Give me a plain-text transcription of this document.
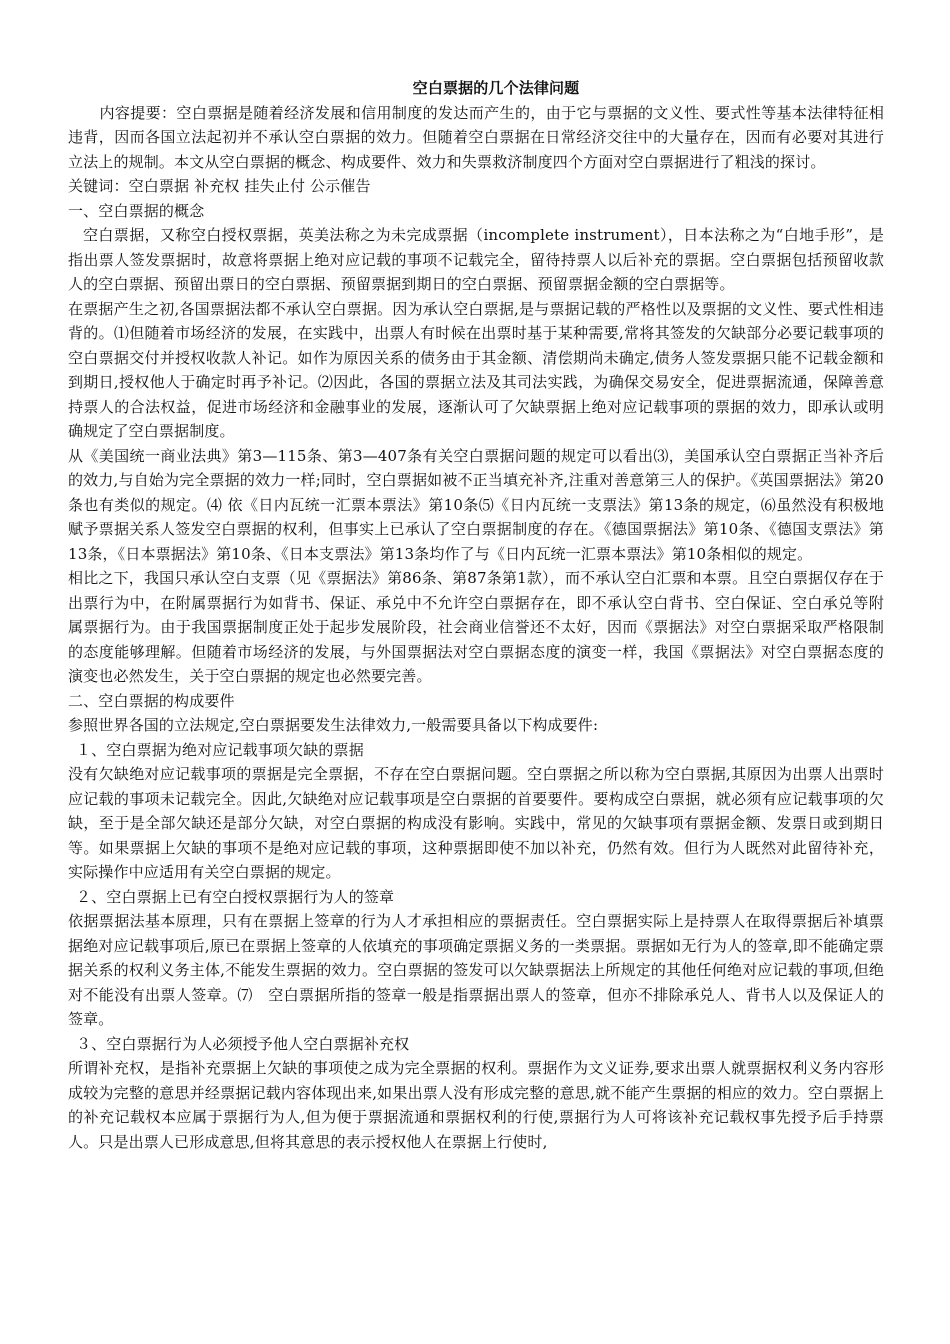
空白票据的几个法律问题

内容提要：空白票据是随着经济发展和信用制度的发达而产生的，由于它与票据的文义性、要式性等基本法律特征相违背，因而各国立法起初并不承认空白票据的效力。但随着空白票据在日常经济交往中的大量存在，因而有必要对其进行立法上的规制。本文从空白票据的概念、构成要件、效力和失票救济制度四个方面对空白票据进行了粗浅的探讨。

关键词：空白票据 补充权 挂失止付 公示催告

一、空白票据的概念

空白票据，又称空白授权票据，英美法称之为未完成票据（incomplete instrument），日本法称之为“白地手形”，是指出票人签发票据时，故意将票据上绝对应记载的事项不记载完全，留待持票人以后补充的票据。空白票据包括预留收款人的空白票据、预留出票日的空白票据、预留票据到期日的空白票据、预留票据金额的空白票据等。

在票据产生之初,各国票据法都不承认空白票据。因为承认空白票据,是与票据记载的严格性以及票据的文义性、要式性相违背的。⑴但随着市场经济的发展，在实践中，出票人有时候在出票时基于某种需要,常将其签发的欠缺部分必要记载事项的空白票据交付并授权收款人补记。如作为原因关系的债务由于其金额、清偿期尚未确定,债务人签发票据只能不记载金额和到期日,授权他人于确定时再予补记。⑵因此，各国的票据立法及其司法实践，为确保交易安全，促进票据流通，保障善意持票人的合法权益，促进市场经济和金融事业的发展，逐渐认可了欠缺票据上绝对应记载事项的票据的效力，即承认或明确规定了空白票据制度。

从《美国统一商业法典》第3—115条、第3—407条有关空白票据问题的规定可以看出⑶，美国承认空白票据正当补齐后的效力,与自始为完全票据的效力一样;同时，空白票据如被不正当填充补齐,注重对善意第三人的保护。《英国票据法》第20条也有类似的规定。⑷ 依《日内瓦统一汇票本票法》第10条⑸《日内瓦统一支票法》第13条的规定，⑹虽然没有积极地赋予票据关系人签发空白票据的权利，但事实上已承认了空白票据制度的存在。《德国票据法》第10条、《德国支票法》第13条，《日本票据法》第10条、《日本支票法》第13条均作了与《日内瓦统一汇票本票法》第10条相似的规定。

相比之下，我国只承认空白支票（见《票据法》第86条、第87条第1款），而不承认空白汇票和本票。且空白票据仅存在于出票行为中，在附属票据行为如背书、保证、承兑中不允许空白票据存在，即不承认空白背书、空白保证、空白承兑等附属票据行为。由于我国票据制度正处于起步发展阶段，社会商业信誉还不太好，因而《票据法》对空白票据采取严格限制的态度能够理解。但随着市场经济的发展，与外国票据法对空白票据态度的演变一样，我国《票据法》对空白票据态度的演变也必然发生，关于空白票据的规定也必然要完善。

二、空白票据的构成要件

参照世界各国的立法规定,空白票据要发生法律效力,一般需要具备以下构成要件:

１、空白票据为绝对应记载事项欠缺的票据

没有欠缺绝对应记载事项的票据是完全票据，不存在空白票据问题。空白票据之所以称为空白票据,其原因为出票人出票时应记载的事项未记载完全。因此,欠缺绝对应记载事项是空白票据的首要要件。要构成空白票据，就必须有应记载事项的欠缺，至于是全部欠缺还是部分欠缺，对空白票据的构成没有影响。实践中，常见的欠缺事项有票据金额、发票日或到期日等。如果票据上欠缺的事项不是绝对应记载的事项，这种票据即使不加以补充，仍然有效。但行为人既然对此留待补充，实际操作中应适用有关空白票据的规定。

２、空白票据上已有空白授权票据行为人的签章

依据票据法基本原理，只有在票据上签章的行为人才承担相应的票据责任。空白票据实际上是持票人在取得票据后补填票据绝对应记载事项后,原已在票据上签章的人依填充的事项确定票据义务的一类票据。票据如无行为人的签章,即不能确定票据关系的权利义务主体,不能发生票据的效力。空白票据的签发可以欠缺票据法上所规定的其他任何绝对应记载的事项,但绝对不能没有出票人签章。⑺　空白票据所指的签章一般是指票据出票人的签章，但亦不排除承兑人、背书人以及保证人的签章。

３、空白票据行为人必须授予他人空白票据补充权

所谓补充权，是指补充票据上欠缺的事项使之成为完全票据的权利。票据作为文义证券,要求出票人就票据权利义务内容形成较为完整的意思并经票据记载内容体现出来,如果出票人没有形成完整的意思,就不能产生票据的相应的效力。空白票据上的补充记载权本应属于票据行为人,但为便于票据流通和票据权利的行使,票据行为人可将该补充记载权事先授予后手持票人。只是出票人已形成意思,但将其意思的表示授权他人在票据上行使时,
